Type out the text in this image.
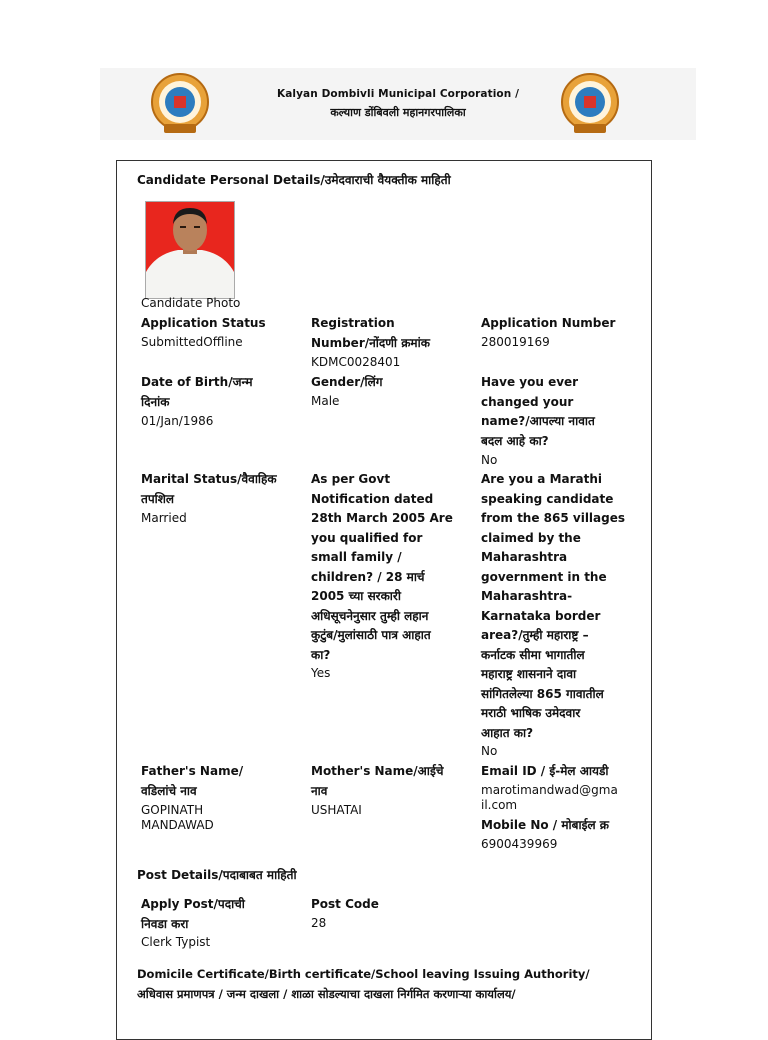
Kalyan Dombivli Municipal Corporation /
कल्याण डोंबिवली महानगरपालिका
Candidate Personal Details/उमेदवाराची वैयक्तीक माहिती
Candidate Photo
Application Status
SubmittedOffline
Registration
Number/नोंदणी क्रमांक
KDMC0028401
Application Number
280019169
Date of Birth/जन्म
दिनांक
01/Jan/1986
Gender/लिंग
Male
Have you ever
changed your
name?/आपल्या नावात
बदल आहे का?
No
Marital Status/वैवाहिक
तपशिल
Married
As per Govt
Notification dated
28th March 2005 Are
you qualified for
small family /
children? / 28 मार्च
2005 च्या सरकारी
अधिसूचनेनुसार तुम्ही लहान
कुटुंब/मुलांसाठी पात्र आहात
का?
Yes
Are you a Marathi
speaking candidate
from the 865 villages
claimed by the
Maharashtra
government in the
Maharashtra-
Karnataka border
area?/तुम्ही महाराष्ट्र –
कर्नाटक सीमा भागातील
महाराष्ट्र शासनाने दावा
सांगितलेल्या 865 गावातील
मराठी भाषिक उमेदवार
आहात का?
No
Father's Name/
वडिलांचे नाव
GOPINATH
MANDAWAD
Mother's Name/आईचे
नाव
USHATAI
Email ID / ई-मेल आयडी
marotimandwad@gma
il.com
Mobile No / मोबाईल क्र
6900439969
Post Details/पदाबाबत माहिती
Apply Post/पदाची
निवडा करा
Clerk Typist
Post Code
28
Domicile Certificate/Birth certificate/School leaving Issuing Authority/
अधिवास प्रमाणपत्र / जन्म दाखला / शाळा सोडल्याचा दाखला निर्गमित करणाऱ्या कार्यालय/
